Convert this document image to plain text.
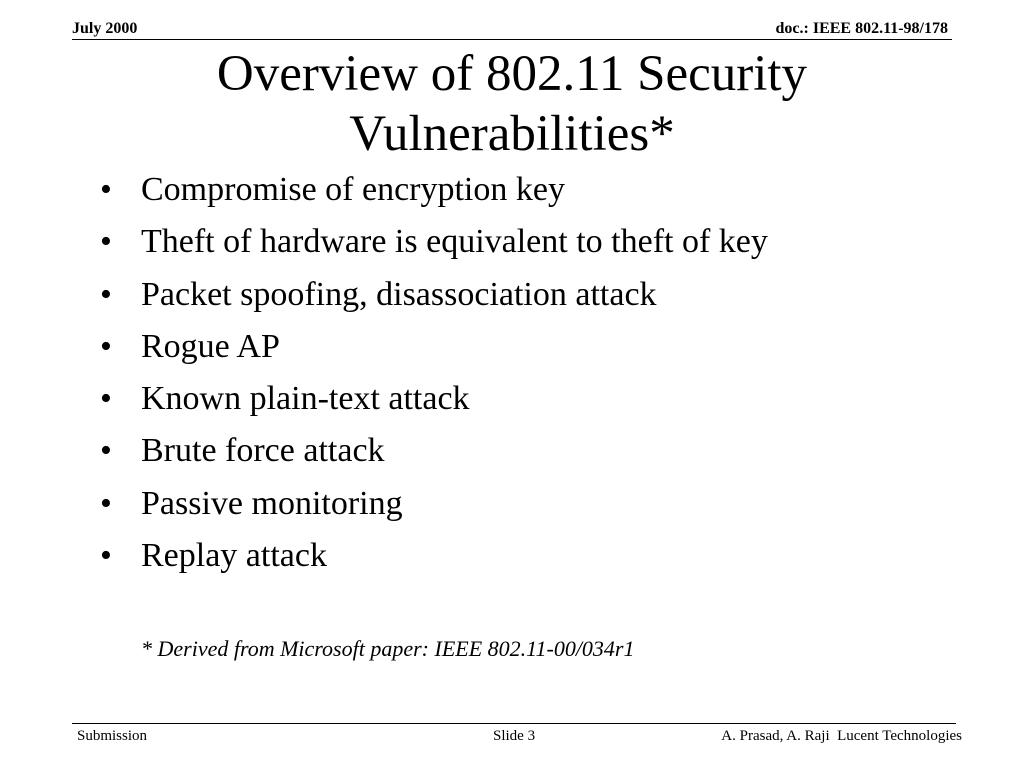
July 2000	doc.: IEEE 802.11-98/178
Overview of 802.11 Security
Vulnerabilities*
• Compromise of encryption key
• Theft of hardware is equivalent to theft of key
• Packet spoofing, disassociation attack
• Rogue AP
• Known plain-text attack
• Brute force attack
• Passive monitoring
• Replay attack
* Derived from Microsoft paper: IEEE 802.11-00/034r1
Submission	Slide 3	A. Prasad, A. Raji  Lucent Technologies
